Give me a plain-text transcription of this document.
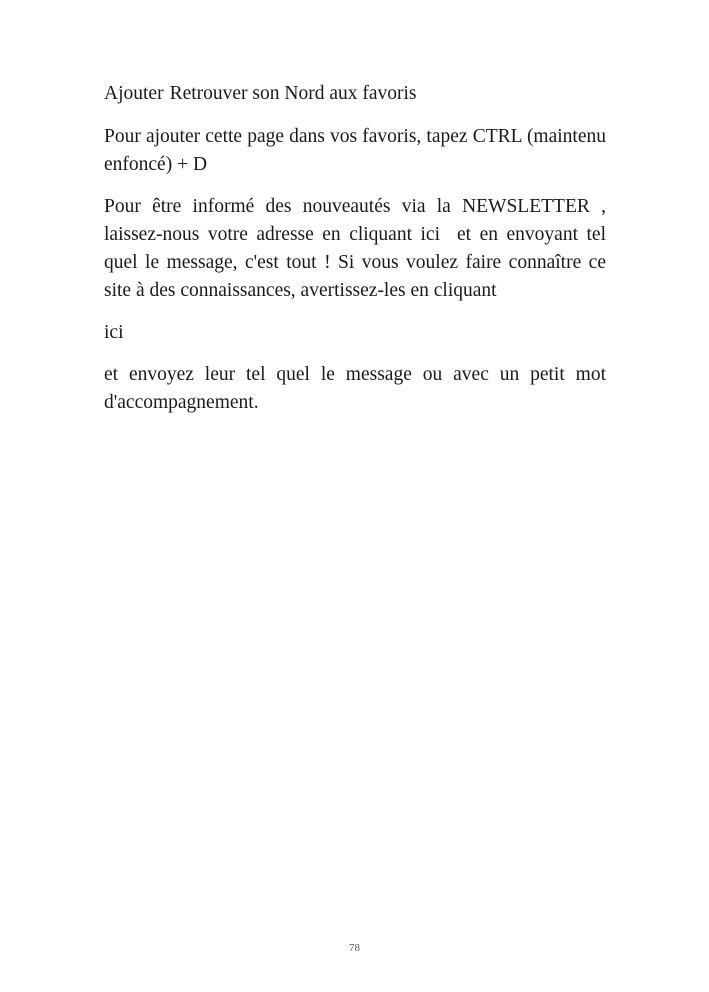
Ajouter Retrouver son Nord aux favoris

Pour ajouter cette page dans vos favoris, tapez CTRL (maintenu enfoncé) + D

Pour être informé des nouveautés via la NEWSLETTER , laissez-nous votre adresse en cliquant ici  et en envoyant tel quel le message, c'est tout ! Si vous voulez faire connaître ce site à des connaissances, avertissez-les en cliquant

ici

et envoyez leur tel quel le message ou avec un petit mot d'accompagnement.

78
